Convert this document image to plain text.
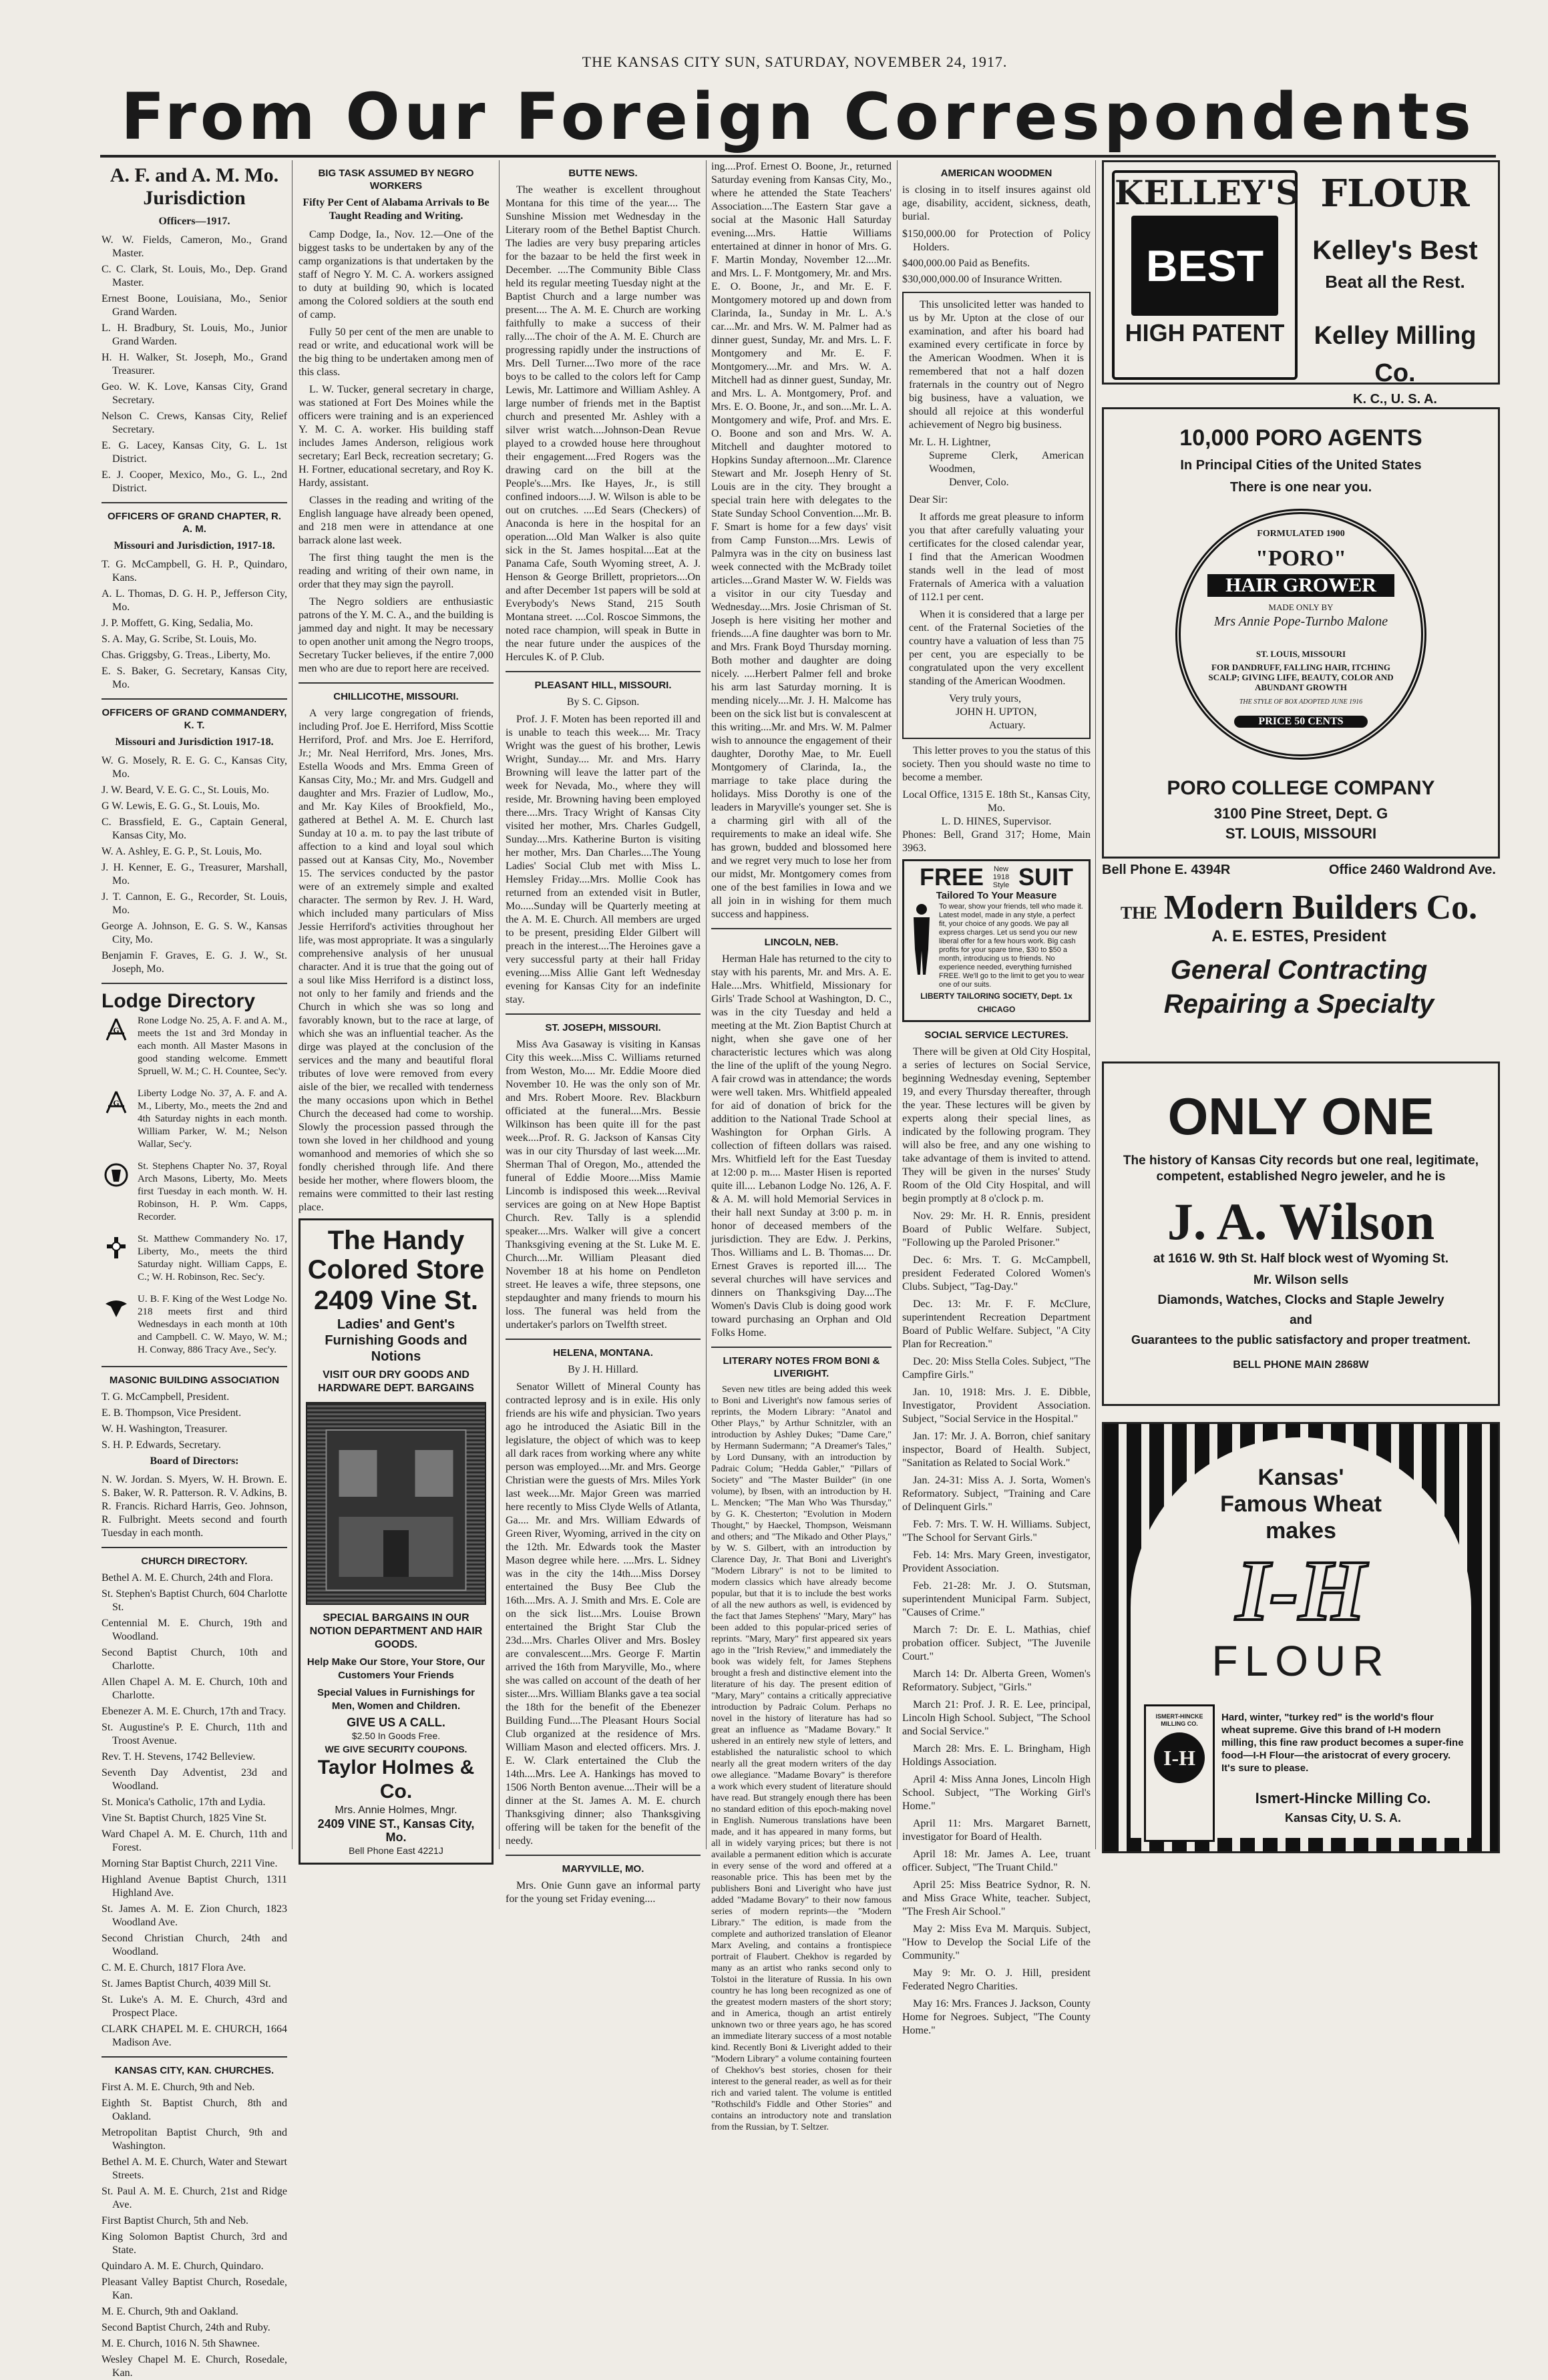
THE KANSAS CITY SUN, SATURDAY, NOVEMBER 24, 1917.
From Our Foreign Correspondents
A. F. and A. M. Mo. Jurisdiction
Officers—1917.
W. W. Fields, Cameron, Mo., Grand Master.
C. C. Clark, St. Louis, Mo., Dep. Grand Master.
Ernest Boone, Louisiana, Mo., Senior Grand Warden.
L. H. Bradbury, St. Louis, Mo., Junior Grand Warden.
H. H. Walker, St. Joseph, Mo., Grand Treasurer.
Geo. W. K. Love, Kansas City, Grand Secretary.
Nelson C. Crews, Kansas City, Relief Secretary.
E. G. Lacey, Kansas City, G. L. 1st District.
E. J. Cooper, Mexico, Mo., G. L., 2nd District.
OFFICERS OF GRAND CHAPTER, R. A. M.
Missouri and Jurisdiction, 1917-18.
T. G. McCampbell, G. H. P., Quindaro, Kans.
A. L. Thomas, D. G. H. P., Jefferson City, Mo.
J. P. Moffett, G. King, Sedalia, Mo.
S. A. May, G. Scribe, St. Louis, Mo.
Chas. Griggsby, G. Treas., Liberty, Mo.
E. S. Baker, G. Secretary, Kansas City, Mo.
OFFICERS OF GRAND COMMANDERY, K. T.
Missouri and Jurisdiction 1917-18.
W. G. Mosely, R. E. G. C., Kansas City, Mo.
J. W. Beard, V. E. G. C., St. Louis, Mo.
G W. Lewis, E. G. G., St. Louis, Mo.
C. Brassfield, E. G., Captain General, Kansas City, Mo.
W. A. Ashley, E. G. P., St. Louis, Mo.
J. H. Kenner, E. G., Treasurer, Marshall, Mo.
J. T. Cannon, E. G., Recorder, St. Louis, Mo.
George A. Johnson, E. G. S. W., Kansas City, Mo.
Benjamin F. Graves, E. G. J. W., St. Joseph, Mo.
Lodge Directory
G
Rone Lodge No. 25, A. F. and A. M., meets the 1st and 3rd Monday in each month. All Master Masons in good standing welcome. Emmett Spruell, W. M.; C. H. Countee, Sec'y.
G
Liberty Lodge No. 37, A. F. and A. M., Liberty, Mo., meets the 2nd and 4th Saturday nights in each month. William Parker, W. M.; Nelson Wallar, Sec'y.
St. Stephens Chapter No. 37, Royal Arch Masons, Liberty, Mo. Meets first Tuesday in each month. W. H. Robinson, H. P. Wm. Capps, Recorder.
St. Matthew Commandery No. 17, Liberty, Mo., meets the third Saturday night. William Capps, E. C.; W. H. Robinson, Rec. Sec'y.
U. B. F. King of the West Lodge No. 218 meets first and third Wednesdays in each month at 10th and Campbell. C. W. Mayo, W. M.; H. Conway, 886 Tracy Ave., Sec'y.
MASONIC BUILDING ASSOCIATION
T. G. McCampbell, President.
E. B. Thompson, Vice President.
W. H. Washington, Treasurer.
S. H. P. Edwards, Secretary.
Board of Directors:

N. W. Jordan. S. Myers, W. H. Brown. E. S. Baker, W. R. Patterson. R. V. Adkins, B. R. Francis. Richard Harris, Geo. Johnson, R. Fulbright. Meets second and fourth Tuesday in each month.

CHURCH DIRECTORY.
Bethel A. M. E. Church, 24th and Flora.
St. Stephen's Baptist Church, 604 Charlotte St.
Centennial M. E. Church, 19th and Woodland.
Second Baptist Church, 10th and Charlotte.
Allen Chapel A. M. E. Church, 10th and Charlotte.
Ebenezer A. M. E. Church, 17th and Tracy.
St. Augustine's P. E. Church, 11th and Troost Avenue.
Rev. T. H. Stevens, 1742 Belleview.
Seventh Day Adventist, 23d and Woodland.
St. Monica's Catholic, 17th and Lydia.
Vine St. Baptist Church, 1825 Vine St.
Ward Chapel A. M. E. Church, 11th and Forest.
Morning Star Baptist Church, 2211 Vine.
Highland Avenue Baptist Church, 1311 Highland Ave.
St. James A. M. E. Zion Church, 1823 Woodland Ave.
Second Christian Church, 24th and Woodland.
C. M. E. Church, 1817 Flora Ave.
St. James Baptist Church, 4039 Mill St.
St. Luke's A. M. E. Church, 43rd and Prospect Place.
CLARK CHAPEL M. E. CHURCH, 1664 Madison Ave.
KANSAS CITY, KAN. CHURCHES.
First A. M. E. Church, 9th and Neb.
Eighth St. Baptist Church, 8th and Oakland.
Metropolitan Baptist Church, 9th and Washington.
Bethel A. M. E. Church, Water and Stewart Streets.
St. Paul A. M. E. Church, 21st and Ridge Ave.
First Baptist Church, 5th and Neb.
King Solomon Baptist Church, 3rd and State.
Quindaro A. M. E. Church, Quindaro.
Pleasant Valley Baptist Church, Rosedale, Kan.
M. E. Church, 9th and Oakland.
Second Baptist Church, 24th and Ruby.
M. E. Church, 1016 N. 5th Shawnee.
Wesley Chapel M. E. Church, Rosedale, Kan.
BIG TASK ASSUMED BY NEGRO WORKERS
Fifty Per Cent of Alabama Arrivals to Be Taught Reading and Writing.

Camp Dodge, Ia., Nov. 12.—One of the biggest tasks to be undertaken by any of the camp organizations is that undertaken by the staff of Negro Y. M. C. A. workers assigned to duty at building 90, which is located among the Colored soldiers at the south end of camp.

Fully 50 per cent of the men are unable to read or write, and educational work will be the big thing to be undertaken among men of this class.

L. W. Tucker, general secretary in charge, was stationed at Fort Des Moines while the officers were training and is an experienced Y. M. C. A. worker. His building staff includes James Anderson, religious work secretary; Earl Beck, recreation secretary; G. H. Fortner, educational secretary, and Roy K. Hardy, assistant.

Classes in the reading and writing of the English language have already been opened, and 218 men were in attendance at one barrack alone last week.

The first thing taught the men is the reading and writing of their own name, in order that they may sign the payroll.

The Negro soldiers are enthusiastic patrons of the Y. M. C. A., and the building is jammed day and night. It may be necessary to open another unit among the Negro troops, Secretary Tucker believes, if the entire 7,000 men who are due to report here are received.

CHILLICOTHE, MISSOURI.

A very large congregation of friends, including Prof. Joe E. Herriford, Miss Scottie Herriford, Prof. and Mrs. Joe E. Herriford, Jr.; Mr. Neal Herriford, Mrs. Jones, Mrs. Estella Woods and Mrs. Emma Green of Kansas City, Mo.; Mr. and Mrs. Gudgell and daughter and Mrs. Frazier of Ludlow, Mo., and Mr. Kay Kiles of Brookfield, Mo., gathered at Bethel A. M. E. Church last Sunday at 10 a. m. to pay the last tribute of affection to a kind and loyal soul which passed out at Kansas City, Mo., November 15. The services conducted by the pastor were of an extremely simple and exalted character. The sermon by Rev. J. H. Ward, which included many particulars of Miss Jessie Herriford's activities throughout her life, was most appropriate. It was a singularly comprehensive analysis of her unusual character. And it is true that the going out of a soul like Miss Herriford is a distinct loss, not only to her family and friends and the Church in which she was so long and favorably known, but to the race at large, of which she was an influential teacher. As the dirge was played at the conclusion of the services and the many and beautiful floral tributes of love were removed from every aisle of the bier, we recalled with tenderness the many occasions upon which in Bethel Church the deceased had come to worship. Slowly the procession passed through the town she loved in her childhood and young womanhood and memories of which she so fondly cherished through life. And there beside her mother, where flowers bloom, the remains were committed to their last resting place.

The Handy Colored Store
2409 Vine St.
Ladies' and Gent's Furnishing Goods and Notions
VISIT OUR DRY GOODS AND HARDWARE DEPT. BARGAINS
SPECIAL BARGAINS IN OUR NOTION DEPARTMENT AND HAIR GOODS.
Help Make Our Store, Your Store, Our Customers Your Friends
Special Values in Furnishings for Men, Women and Children.
GIVE US A CALL.
$2.50 In Goods Free.
WE GIVE SECURITY COUPONS.
Taylor Holmes & Co.
Mrs. Annie Holmes, Mngr.
2409 VINE ST., Kansas City, Mo.
Bell Phone East 4221J
BUTTE NEWS.

The weather is excellent throughout Montana for this time of the year.... The Sunshine Mission met Wednesday in the Literary room of the Bethel Baptist Church. The ladies are very busy preparing articles for the bazaar to be held the first week in December. ....The Community Bible Class held its regular meeting Tuesday night at the Baptist Church and a large number was present.... The A. M. E. Church are working faithfully to make a success of their rally....The choir of the A. M. E. Church are progressing rapidly under the instructions of Mrs. Dell Turner....Two more of the race boys to be called to the colors left for Camp Lewis, Mr. Lattimore and William Ashley. A large number of friends met in the Baptist church and presented Mr. Ashley with a silver wrist watch....Johnson-Dean Revue played to a crowded house here throughout their engagement....Fred Rogers was the drawing card on the bill at the People's....Mrs. Ike Hayes, Jr., is still confined indoors....J. W. Wilson is able to be out on crutches. ....Ed Sears (Checkers) of Anaconda is here in the hospital for an operation....Old Man Walker is also quite sick in the St. James hospital....Eat at the Panama Cafe, South Wyoming street, A. J. Henson & George Brillett, proprietors....On and after December 1st papers will be sold at Everybody's News Stand, 215 South Montana street. ....Col. Roscoe Simmons, the noted race champion, will speak in Butte in the near future under the auspices of the Hercules K. of P. Club.

PLEASANT HILL, MISSOURI.
By S. C. Gipson.

Prof. J. F. Moten has been reported ill and is unable to teach this week.... Mr. Tracy Wright was the guest of his brother, Lewis Wright, Sunday.... Mr. and Mrs. Harry Browning will leave the latter part of the week for Nevada, Mo., where they will reside, Mr. Browning having been employed there....Mrs. Tracy Wright of Kansas City visited her mother, Mrs. Charles Gudgell, Sunday....Mrs. Katherine Burton is visiting her mother, Mrs. Dan Charles....The Young Ladies' Social Club met with Miss L. Hemsley Friday....Mrs. Mollie Cook has returned from an extended visit in Butler, Mo.....Sunday will be Quarterly meeting at the A. M. E. Church. All members are urged to be present, presiding Elder Gilbert will preach in the interest....The Heroines gave a very successful party at their hall Friday evening....Miss Allie Gant left Wednesday evening for Kansas City for an indefinite stay.

ST. JOSEPH, MISSOURI.

Miss Ava Gasaway is visiting in Kansas City this week....Miss C. Williams returned from Weston, Mo.... Mr. Eddie Moore died November 10. He was the only son of Mr. and Mrs. Robert Moore. Rev. Blackburn officiated at the funeral....Mrs. Bessie Wilkinson has been quite ill for the past week....Prof. R. G. Jackson of Kansas City was in our city Thursday of last week....Mr. Sherman Thal of Oregon, Mo., attended the funeral of Eddie Moore....Miss Mamie Lincomb is indisposed this week....Revival services are going on at New Hope Baptist Church. Rev. Tally is a splendid speaker....Mrs. Walker will give a concert Thanksgiving evening at the St. Luke M. E. Church....Mr. William Pleasant died November 18 at his home on Pendleton street. He leaves a wife, three stepsons, one stepdaughter and many friends to mourn his loss. The funeral was held from the undertaker's parlors on Twelfth street.

HELENA, MONTANA.
By J. H. Hillard.

Senator Willett of Mineral County has contracted leprosy and is in exile. His only friends are his wife and physician. Two years ago he introduced the Asiatic Bill in the legislature, the object of which was to keep all dark races from working where any white person was employed....Mr. and Mrs. George Christian were the guests of Mrs. Miles York last week....Mr. Major Green was married here recently to Miss Clyde Wells of Atlanta, Ga.... Mr. and Mrs. William Edwards of Green River, Wyoming, arrived in the city on the 12th. Mr. Edwards took the Master Mason degree while here. ....Mrs. L. Sidney was in the city the 14th....Miss Dorsey entertained the Busy Bee Club the 16th....Mrs. A. J. Smith and Mrs. E. Cole are on the sick list....Mrs. Louise Brown entertained the Bright Star Club the 23d....Mrs. Charles Oliver and Mrs. Bosley are convalescent....Mrs. George F. Martin arrived the 16th from Maryville, Mo., where she was called on account of the death of her sister....Mrs. William Blanks gave a tea social the 18th for the benefit of the Ebenezer Building Fund....The Pleasant Hours Social Club organized at the residence of Mrs. William Mason and elected officers. Mrs. J. E. W. Clark entertained the Club the 14th....Mrs. Lee A. Hankings has moved to 1506 North Benton avenue....Their will be a dinner at the St. James A. M. E. church Thanksgiving dinner; also Thanksgiving offering will be taken for the benefit of the needy.

MARYVILLE, MO.

Mrs. Onie Gunn gave an informal party for the young set Friday evening....

ing....Prof. Ernest O. Boone, Jr., returned Saturday evening from Kansas City, Mo., where he attended the State Teachers' Association....The Eastern Star gave a social at the Masonic Hall Saturday evening....Mrs. Hattie Williams entertained at dinner in honor of Mrs. G. F. Martin Monday, November 12....Mr. and Mrs. L. F. Montgomery, Mr. and Mrs. E. O. Boone, Jr., and Mr. E. F. Montgomery motored up and down from Clarinda, Ia., Sunday in Mr. L. A.'s car....Mr. and Mrs. W. M. Palmer had as dinner guest, Sunday, Mr. and Mrs. L. F. Montgomery and Mr. E. F. Montgomery....Mr. and Mrs. W. A. Mitchell had as dinner guest, Sunday, Mr. and Mrs. L. A. Montgomery, Prof. and Mrs. E. O. Boone, Jr., and son....Mr. L. A. Montgomery and wife, Prof. and Mrs. E. O. Boone and son and Mrs. W. A. Mitchell and daughter motored to Hopkins Sunday afternoon...Mr. Clarence Stewart and Mr. Joseph Henry of St. Louis are in the city. They brought a special train here with delegates to the State Sunday School Convention....Mr. B. F. Smart is home for a few days' visit from Camp Funston....Mrs. Lewis of Palmyra was in the city on business last week connected with the McBrady toilet articles....Grand Master W. W. Fields was a visitor in our city Tuesday and Wednesday....Mrs. Josie Chrisman of St. Joseph is here visiting her mother and friends....A fine daughter was born to Mr. and Mrs. Frank Boyd Thursday morning. Both mother and daughter are doing nicely. ....Herbert Palmer fell and broke his arm last Saturday morning. It is mending nicely....Mr. J. H. Malcome has been on the sick list but is convalescent at this writing....Mr. and Mrs. W. M. Palmer wish to announce the engagement of their daughter, Dorothy Mae, to Mr. Euell Montgomery of Clarinda, Ia., the marriage to take place during the holidays. Miss Dorothy is one of the leaders in Maryville's younger set. She is a charming girl with all of the requirements to make an ideal wife. She has grown, budded and blossomed here and we regret very much to lose her from our midst, Mr. Montgomery comes from one of the best families in Iowa and we all join in in wishing for them much success and happiness.

LINCOLN, NEB.

Herman Hale has returned to the city to stay with his parents, Mr. and Mrs. A. E. Hale....Mrs. Whitfield, Missionary for Girls' Trade School at Washington, D. C., was in the city Tuesday and held a meeting at the Mt. Zion Baptist Church at night, when she gave one of her characteristic lectures which was along the line of the uplift of the young Negro. A fair crowd was in attendance; the words were well taken. Mrs. Whitfield appealed for aid of donation of brick for the addition to the National Trade School at Washington for Orphan Girls. A collection of fifteen dollars was raised. Mrs. Whitfield left for the East Tuesday at 12:00 p. m.... Master Hisen is reported quite ill.... Lebanon Lodge No. 126, A. F. & A. M. will hold Memorial Services in their hall next Sunday at 3:00 p. m. in honor of deceased members of the jurisdiction. They are Edw. J. Perkins, Thos. Williams and L. B. Thomas.... Dr. Ernest Graves is reported ill.... The several churches will have services and dinners on Thanksgiving Day....The Women's Davis Club is doing good work toward purchasing an Orphan and Old Folks Home.

LITERARY NOTES FROM BONI & LIVERIGHT.

Seven new titles are being added this week to Boni and Liveright's now famous series of reprints, the Modern Library: "Anatol and Other Plays," by Arthur Schnitzler, with an introduction by Ashley Dukes; "Dame Care," by Hermann Sudermann; "A Dreamer's Tales," by Lord Dunsany, with an introduction by Padraic Colum; "Hedda Gabler," "Pillars of Society" and "The Master Builder" (in one volume), by Ibsen, with an introduction by H. L. Mencken; "The Man Who Was Thursday," by G. K. Chesterton; "Evolution in Modern Thought," by Haeckel, Thompson, Weismann and others; and "The Mikado and Other Plays," by W. S. Gilbert, with an introduction by Clarence Day, Jr. That Boni and Liveright's "Modern Library" is not to be limited to modern classics which have already become popular, but that it is to include the best works of all the new authors as well, is evidenced by the fact that James Stephens' "Mary, Mary" has been added to this popular-priced series of reprints. "Mary, Mary" first appeared six years ago in the "Irish Review," and immediately the book was widely felt, for James Stephens brought a fresh and distinctive element into the literature of his day. The present edition of "Mary, Mary" contains a critically appreciative introduction by Padraic Colum. Perhaps no novel in the history of literature has had so great an influence as "Madame Bovary." It ushered in an entirely new style of letters, and established the naturalistic school to which nearly all the great modern writers of the day owe allegiance. "Madame Bovary" is therefore a work which every student of literature should have read. But strangely enough there has been no standard edition of this epoch-making novel in English. Numerous translations have been made, and it has appeared in many forms, but all in widely varying prices; but there is not available a permanent edition which is accurate in every sense of the word and offered at a reasonable price. This has been met by the publishers Boni and Liveright who have just added "Madame Bovary" to their now famous series of modern reprints—the "Modern Library." The edition, is made from the complete and authorized translation of Eleanor Marx Aveling, and contains a frontispiece portrait of Flaubert. Chekhov is regarded by many as an artist who ranks second only to Tolstoi in the literature of Russia. In his own country he has long been recognized as one of the greatest modern masters of the short story; and in America, though an artist entirely unknown two or three years ago, he has scored an immediate literary success of a most notable kind. Recently Boni & Liveright added to their "Modern Library" a volume containing fourteen of Chekhov's best stories, chosen for their interest to the general reader, as well as for their rich and varied talent. The volume is entitled "Rothschild's Fiddle and Other Stories" and contains an introductory note and translation from the Russian, by T. Seltzer.

AMERICAN WOODMEN

is closing in to itself insures against old age, disability, accident, sickness, death, burial.

$150,000.00 for Protection of Policy Holders.
$400,000.00 Paid as Benefits.
$30,000,000.00 of Insurance Written.

This unsolicited letter was handed to us by Mr. Upton at the close of our examination, and after his board had examined every certificate in force by the American Woodmen. When it is remembered that not a half dozen fraternals in the country out of Negro big business, have a valuation, we should all rejoice at this wonderful achievement of Negro big business.

Mr. L. H. Lightner,
Supreme Clerk, American Woodmen,
Denver, Colo.
Dear Sir:

It affords me great pleasure to inform you that after carefully valuating your certificates for the closed calendar year, I find that the American Woodmen stands well in the lead of most Fraternals of America with a valuation of 112.1 per cent.

When it is considered that a large per cent. of the Fraternal Societies of the country have a valuation of less than 75 per cent, you are especially to be congratulated upon the very excellent standing of the American Woodmen.

Very truly yours,
JOHN H. UPTON,
Actuary.

This letter proves to you the status of this society. Then you should waste no time to become a member.

Local Office, 1315 E. 18th St., Kansas City, Mo.
L. D. HINES, Supervisor.

Phones: Bell, Grand 317; Home, Main 3963.

FREE	New 1918 Style SUIT
Tailored To Your Measure
To wear, show your friends, tell who made it. Latest model, made in any style, a perfect fit, your choice of any goods. We pay all express charges. Let us send you our new liberal offer for a few hours work. Big cash profits for your spare time, $30 to $50 a month, introducing us to friends. No experience needed, everything furnished FREE. We'll go to the limit to get you to wear one of our suits.
LIBERTY TAILORING SOCIETY, Dept. 1x CHICAGO
SOCIAL SERVICE LECTURES.

There will be given at Old City Hospital, a series of lectures on Social Service, beginning Wednesday evening, September 19, and every Thursday thereafter, through the year. These lectures will be given by experts along their special lines, as indicated by the following program. They will also be free, and any one wishing to take advantage of them is invited to attend. They will be given in the nurses' Study Room of the Old City Hospital, and will begin promptly at 8 o'clock p. m.

Nov. 29: Mr. H. R. Ennis, president Board of Public Welfare. Subject, "Following up the Paroled Prisoner."

Dec. 6: Mrs. T. G. McCampbell, president Federated Colored Women's Clubs. Subject, "Tag-Day."

Dec. 13: Mr. F. F. McClure, superintendent Recreation Department Board of Public Welfare. Subject, "A City Plan for Recreation."

Dec. 20: Miss Stella Coles. Subject, "The Campfire Girls."

Jan. 10, 1918: Mrs. J. E. Dibble, Investigator, Provident Association. Subject, "Social Service in the Hospital."

Jan. 17: Mr. J. A. Borron, chief sanitary inspector, Board of Health. Subject, "Sanitation as Related to Social Work."

Jan. 24-31: Miss A. J. Sorta, Women's Reformatory. Subject, "Training and Care of Delinquent Girls."

Feb. 7: Mrs. T. W. H. Williams. Subject, "The School for Servant Girls."

Feb. 14: Mrs. Mary Green, investigator, Provident Association.

Feb. 21-28: Mr. J. O. Stutsman, superintendent Municipal Farm. Subject, "Causes of Crime."

March 7: Dr. E. L. Mathias, chief probation officer. Subject, "The Juvenile Court."

March 14: Dr. Alberta Green, Women's Reformatory. Subject, "Girls."

March 21: Prof. J. R. E. Lee, principal, Lincoln High School. Subject, "The School and Social Service."

March 28: Mrs. E. L. Bringham, High Holdings Association.

April 4: Miss Anna Jones, Lincoln High School. Subject, "The Working Girl's Home."

April 11: Mrs. Margaret Barnett, investigator for Board of Health.

April 18: Mr. James A. Lee, truant officer. Subject, "The Truant Child."

April 25: Miss Beatrice Sydnor, R. N. and Miss Grace White, teacher. Subject, "The Fresh Air School."

May 2: Miss Eva M. Marquis. Subject, "How to Develop the Social Life of the Community."

May 9: Mr. O. J. Hill, president Federated Negro Charities.

May 16: Mrs. Frances J. Jackson, County Home for Negroes. Subject, "The County Home."

KELLEY'S
BEST
HIGH PATENT
FLOUR
Kelley's Best
Beat all the Rest.
Kelley Milling Co.
K. C., U. S. A.
10,000 PORO AGENTS
In Principal Cities of the United States
There is one near you.
FORMULATED 1900
"PORO"
HAIR GROWER
MADE ONLY BY
Mrs Annie Pope-Turnbo Malone
ST. LOUIS, MISSOURI
FOR DANDRUFF, FALLING HAIR, ITCHING SCALP; GIVING LIFE, BEAUTY, COLOR AND ABUNDANT GROWTH
THE STYLE OF BOX ADOPTED JUNE 1916
PRICE 50 CENTS
PORO COLLEGE COMPANY
3100 Pine Street, Dept. G
ST. LOUIS, MISSOURI
Bell Phone E. 4394R	Office 2460 Waldrond Ave.
THE Modern Builders Co.
A. E. ESTES, President
General Contracting
Repairing a Specialty
ONLY ONE
The history of Kansas City records but one real, legitimate, competent, established Negro jeweler, and he is
J. A. Wilson
at 1616 W. 9th St. Half block west of Wyoming St.
Mr. Wilson sells
Diamonds, Watches, Clocks and Staple Jewelry
and
Guarantees to the public satisfactory and proper treatment.
BELL PHONE MAIN 2868W
Kansas'
Famous Wheat
makes
I-H
FLOUR
ISMERT-HINCKE MILLING CO.
I-H
Hard, winter, "turkey red" is the world's flour wheat supreme. Give this brand of I-H modern milling, this fine raw product becomes a super-fine food—I-H Flour—the aristocrat of every grocery. It's sure to please.
Ismert-Hincke Milling Co.
Kansas City, U. S. A.
